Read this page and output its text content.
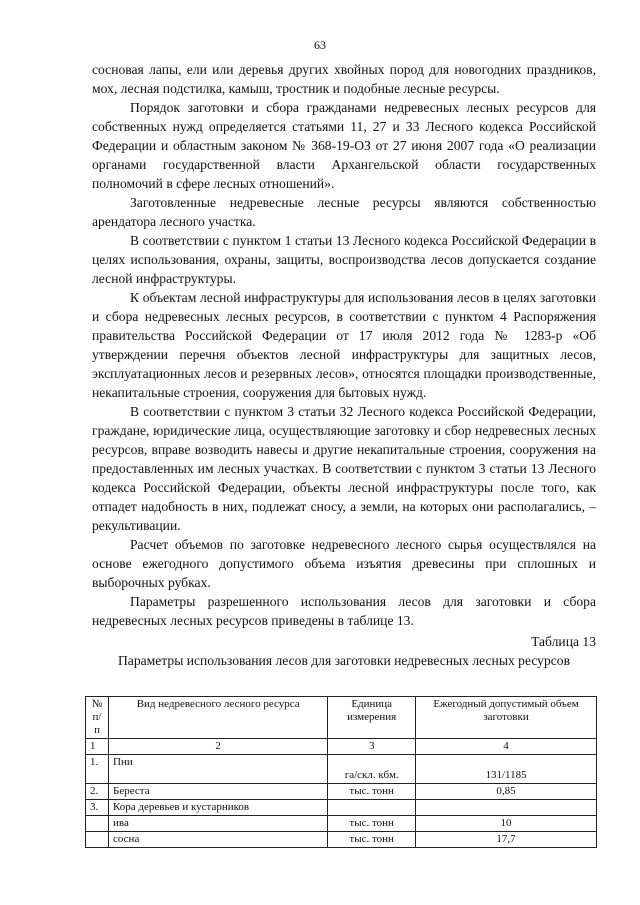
63

сосновая лапы, ели или деревья других хвойных пород для новогодних праздников, мох, лесная подстилка, камыш, тростник и подобные лесные ресурсы.

Порядок заготовки и сбора гражданами недревесных лесных ресурсов для собственных нужд определяется статьями 11, 27 и 33 Лесного кодекса Российской Федерации и областным законом № 368-19-ОЗ от 27 июня 2007 года «О реализации органами государственной власти Архангельской области государственных полномочий в сфере лесных отношений».

Заготовленные недревесные лесные ресурсы являются собственностью арендатора лесного участка.

В соответствии с пунктом 1 статьи 13 Лесного кодекса Российской Федерации в целях использования, охраны, защиты, воспроизводства лесов допускается создание лесной инфраструктуры.

К объектам лесной инфраструктуры для использования лесов в целях заготовки и сбора недревесных лесных ресурсов, в соответствии с пунктом 4 Распоряжения правительства Российской Федерации от 17 июля 2012 года № 1283-р «Об утверждении перечня объектов лесной инфраструктуры для защитных лесов, эксплуатационных лесов и резервных лесов», относятся площадки производственные, некапитальные строения, сооружения для бытовых нужд.

В соответствии с пунктом 3 статьи 32 Лесного кодекса Российской Федерации, граждане, юридические лица, осуществляющие заготовку и сбор недревесных лесных ресурсов, вправе возводить навесы и другие некапитальные строения, сооружения на предоставленных им лесных участках. В соответствии с пунктом 3 статьи 13 Лесного кодекса Российской Федерации, объекты лесной инфраструктуры после того, как отпадет надобность в них, подлежат сносу, а земли, на которых они располагались, – рекультивации.

Расчет объемов по заготовке недревесного лесного сырья осуществлялся на основе ежегодного допустимого объема изъятия древесины при сплошных и выборочных рубках.

Параметры разрешенного использования лесов для заготовки и сбора недревесных лесных ресурсов приведены в таблице 13.

Таблица 13
Параметры использования лесов для заготовки недревесных лесных ресурсов
№ п/п	Вид недревесного лесного ресурса	Единица измерения	Ежегодный допустимый объем заготовки
1	2	3	4
1.	Пни	га/скл. кбм.	131/1185
2.	Береста	тыс. тонн	0,85
3.	Кора деревьев и кустарников		
	ива	тыс. тонн	10
	сосна	тыс. тонн	17,7
